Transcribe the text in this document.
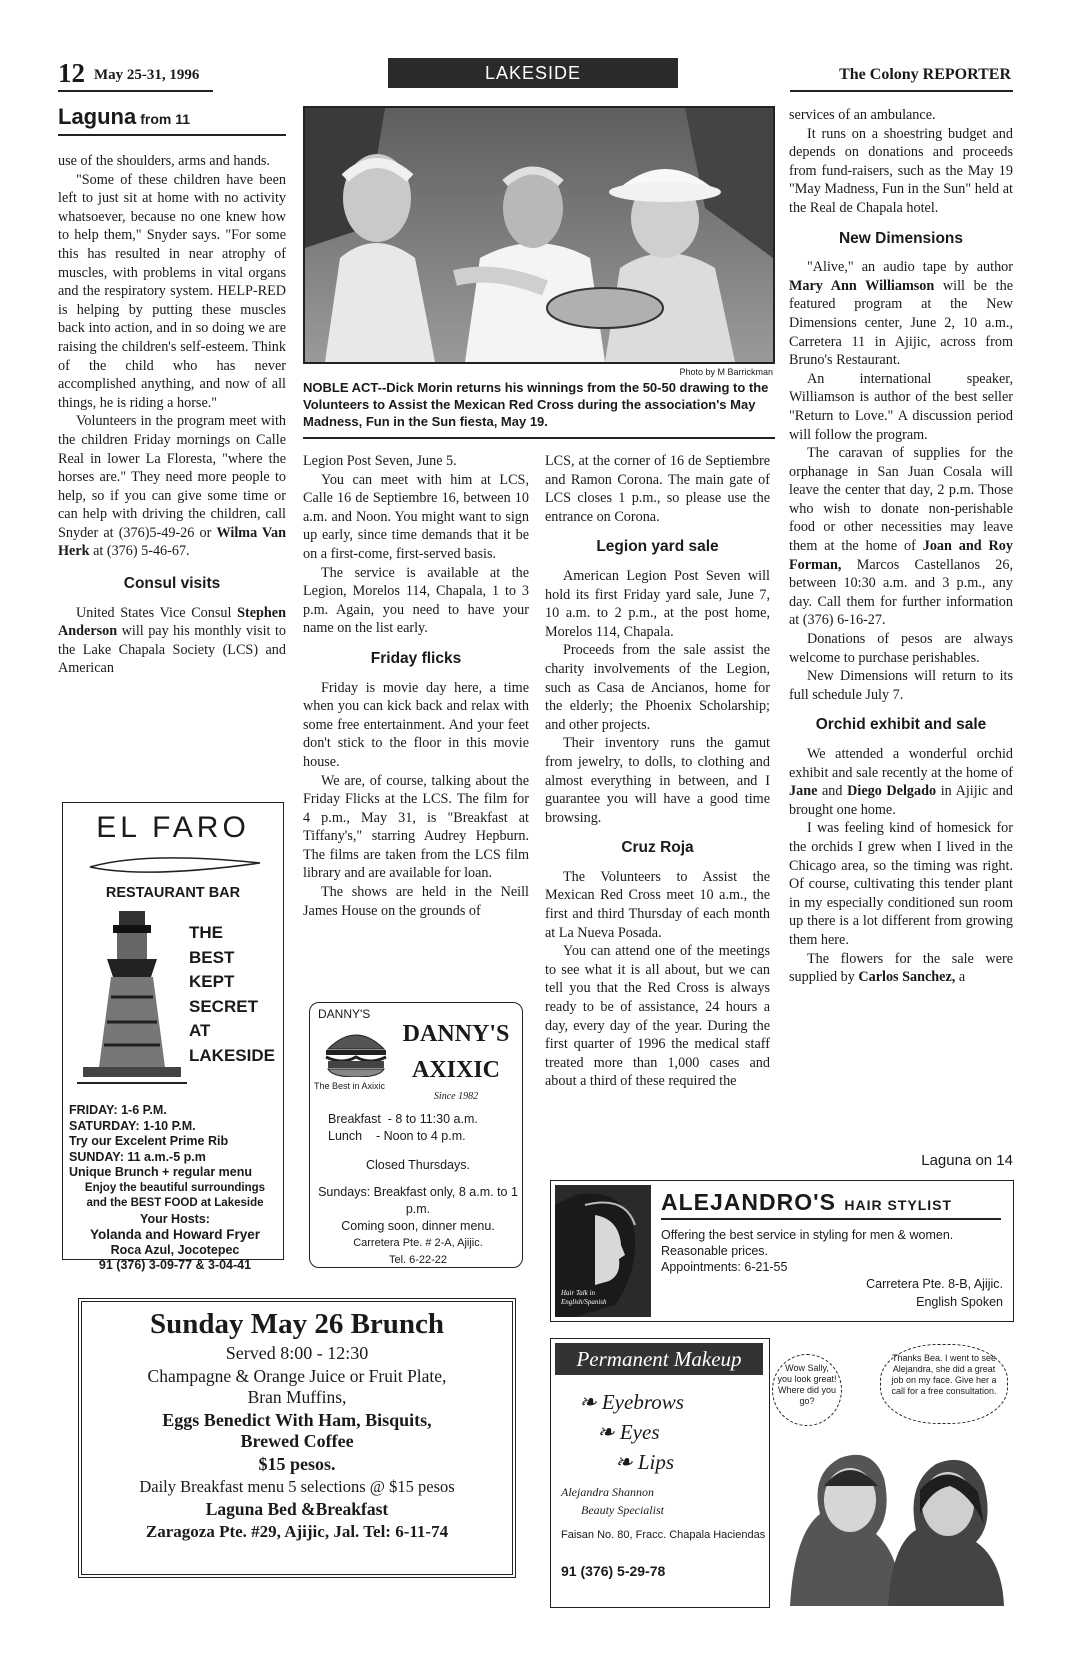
12 May 25-31, 1996	LAKESIDE	The Colony REPORTER
Laguna from 11

use of the shoulders, arms and hands.

"Some of these children have been left to just sit at home with no activity whatsoever, because no one knew how to help them," Snyder says. "For some this has resulted in near atrophy of muscles, with problems in vital organs and the respiratory system. HELP-RED is helping by putting these muscles back into action, and in so doing we are raising the children's self-esteem. Think of the child who has never accomplished anything, and now of all things, he is riding a horse."

Volunteers in the program meet with the children Friday mornings on Calle Real in lower La Floresta, "where the horses are." They need more people to help, so if you can give some time or can help with driving the children, call Snyder at (376)5-49-26 or Wilma Van Herk at (376) 5-46-67.

Consul visits

United States Vice Consul Stephen Anderson will pay his monthly visit to the Lake Chapala Society (LCS) and American

EL FARO
RESTAURANT BAR
THE
BEST
KEPT
SECRET
AT
LAKESIDE
FRIDAY: 1-6 P.M.
SATURDAY: 1-10 P.M.
Try our Excelent Prime Rib
SUNDAY: 11 a.m.-5 p.m
Unique Brunch + regular menu
Enjoy the beautiful surroundings
and the BEST FOOD at Lakeside
Your Hosts:
Yolanda and Howard Fryer
Roca Azul, Jocotepec
91 (376) 3-09-77 & 3-04-41
Photo by M Barrickman
NOBLE ACT--Dick Morin returns his winnings from the 50-50 drawing to the Volunteers to Assist the Mexican Red Cross during the association's May Madness, Fun in the Sun fiesta, May 19.

Legion Post Seven, June 5.

You can meet with him at LCS, Calle 16 de Septiembre 16, between 10 a.m. and Noon. You might want to sign up early, since time demands that it be on a first-come, first-served basis.

The service is available at the Legion, Morelos 114, Chapala, 1 to 3 p.m. Again, you need to have your name on the list early.

Friday flicks

Friday is movie day here, a time when you can kick back and relax with some free entertainment. And your feet don't stick to the floor in this movie house.

We are, of course, talking about the Friday Flicks at the LCS. The film for 4 p.m., May 31, is "Breakfast at Tiffany's," starring Audrey Hepburn. The films are taken from the LCS film library and are available for loan.

The shows are held in the Neill James House on the grounds of

DANNY'S
DANNY'S
The Best in Axixic
AXIXIC
Since 1982
Breakfast  - 8 to 11:30 a.m.
Lunch    - Noon to 4 p.m.
Closed Thursdays.
Sundays: Breakfast only, 8 a.m. to 1 p.m.
Coming soon, dinner menu.
Carretera Pte. # 2-A, Ajijic.
Tel. 6-22-22

LCS, at the corner of 16 de Septiembre and Ramon Corona. The main gate of LCS closes 1 p.m., so please use the entrance on Corona.

Legion yard sale

American Legion Post Seven will hold its first Friday yard sale, June 7, 10 a.m. to 2 p.m., at the post home, Morelos 114, Chapala.

Proceeds from the sale assist the charity involvements of the Legion, such as Casa de Ancianos, home for the elderly; the Phoenix Scholarship; and other projects.

Their inventory runs the gamut from jewelry, to dolls, to clothing and almost everything in between, and I guarantee you will have a good time browsing.

Cruz Roja

The Volunteers to Assist the Mexican Red Cross meet 10 a.m., the first and third Thursday of each month at La Nueva Posada.

You can attend one of the meetings to see what it is all about, but we can tell you that the Red Cross is always ready to be of assistance, 24 hours a day, every day of the year. During the first quarter of 1996 the medical staff treated more than 1,000 cases and about a third of these required the

services of an ambulance.

It runs on a shoestring budget and depends on donations and proceeds from fund-raisers, such as the May 19 "May Madness, Fun in the Sun" held at the Real de Chapala hotel.

New Dimensions

"Alive," an audio tape by author Mary Ann Williamson will be the featured program at the New Dimensions center, June 2, 10 a.m., Carretera 11 in Ajijic, across from Bruno's Restaurant.

An international speaker, Williamson is author of the best seller "Return to Love." A discussion period will follow the program.

The caravan of supplies for the orphanage in San Juan Cosala will leave the center that day, 2 p.m. Those who wish to donate non-perishable food or other necessities may leave them at the home of Joan and Roy Forman, Marcos Castellanos 26, between 10:30 a.m. and 3 p.m., any day. Call them for further information at (376) 6-16-27.

Donations of pesos are always welcome to purchase perishables.

New Dimensions will return to its full schedule July 7.

Orchid exhibit and sale

We attended a wonderful orchid exhibit and sale recently at the home of Jane and Diego Delgado in Ajijic and brought one home.

I was feeling kind of homesick for the orchids I grew when I lived in the Chicago area, so the timing was right. Of course, cultivating this tender plant in my especially conditioned sun room up there is a lot different from growing them here.

The flowers for the sale were supplied by Carlos Sanchez, a

Laguna on 14
Sunday May 26 Brunch
Served 8:00 - 12:30
Champagne & Orange Juice or Fruit Plate,
Bran Muffins,
Eggs Benedict With Ham, Bisquits,
Brewed Coffee
$15 pesos.
Daily Breakfast menu 5 selections @ $15 pesos
Laguna Bed &Breakfast
Zaragoza Pte. #29, Ajijic, Jal. Tel: 6-11-74
Hair Talk in English/Spanish
ALEJANDRO'S HAIR STYLIST
Offering the best service in styling for men & women.
Reasonable prices.
Appointments: 6-21-55
Carretera Pte. 8-B, Ajijic.
English Spoken
Permanent Makeup
❧ Eyebrows
❧ Eyes
❧ Lips
Alejandra Shannon
Beauty Specialist
Faisan No. 80, Fracc. Chapala Haciendas
91 (376) 5-29-78
Wow Sally, you look great! Where did you go?
Thanks Bea. I went to see Alejandra, she did a great job on my face. Give her a call for a free consultation.
